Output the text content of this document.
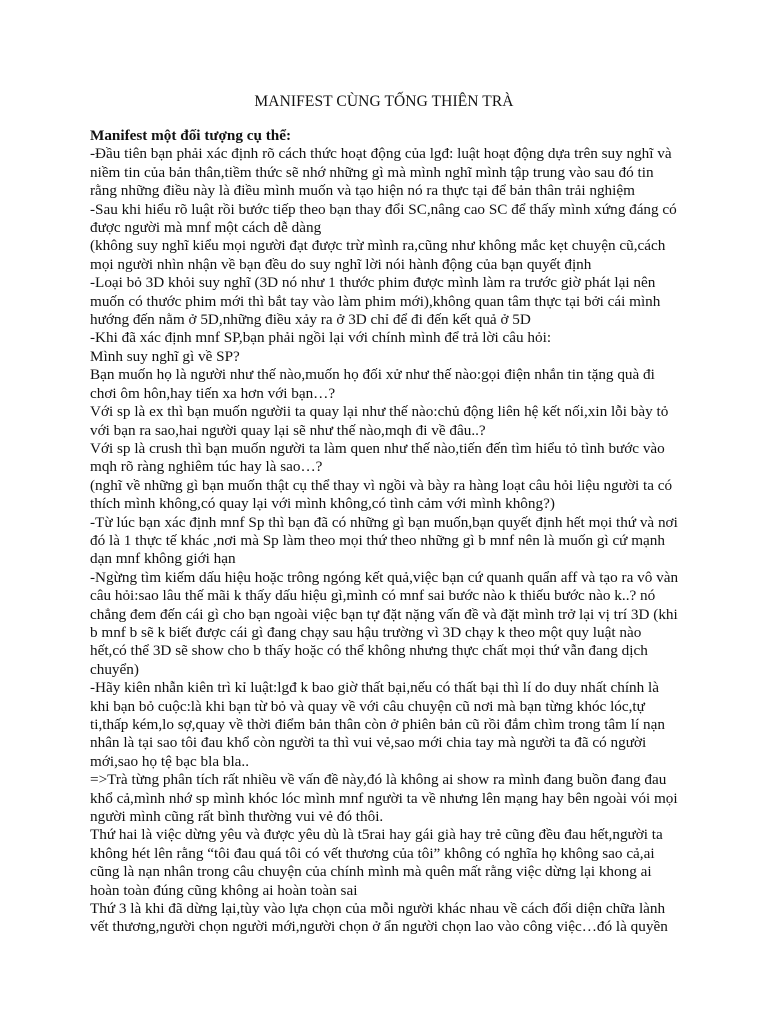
MANIFEST CÙNG TỐNG THIÊN TRÀ

Manifest một đối tượng cụ thể:

-Đầu tiên bạn phải xác định rõ cách thức hoạt động của lgđ: luật hoạt động dựa trên suy nghĩ và niềm tin của bản thân,tiềm thức sẽ nhớ những gì mà mình nghĩ mình tập trung vào sau đó tin rằng những điều này là điều mình muốn và tạo hiện nó ra thực tại để bản thân trải nghiệm

-Sau khi hiểu rõ luật rồi bước tiếp theo bạn thay đổi SC,nâng cao SC để thấy mình xứng đáng có được người mà mnf một cách dễ dàng

(không suy nghĩ kiểu mọi người đạt được trừ mình ra,cũng như không mắc kẹt chuyện cũ,cách mọi người nhìn nhận về bạn đều do suy nghĩ lời nói hành động của bạn quyết định

-Loại bỏ 3D khỏi suy nghĩ (3D nó như 1 thước phim được mình làm ra trước giờ phát lại nên muốn có thước phim mới thì bắt tay vào làm phim mới),không quan tâm thực tại bởi cái mình hướng đến nằm ở 5D,những điều xảy ra ở 3D chỉ để đi đến kết quả ở 5D

-Khi đã xác định mnf SP,bạn phải ngồi lại với chính mình để trả lời câu hỏi:

Mình suy nghĩ gì về SP?

Bạn muốn họ là người như thế nào,muốn họ đối xử như thế nào:gọi điện nhắn tin tặng quà đi chơi ôm hôn,hay tiến xa hơn với bạn…?

Với sp là ex thì bạn muốn ngườii ta quay lại như thế nào:chủ động liên hệ kết nối,xin lỗi bày tỏ với bạn ra sao,hai người quay lại sẽ như thế nào,mqh đi về đâu..?

Với sp là crush thì bạn muốn người ta làm quen như thế nào,tiến đến tìm hiểu tỏ tình bước vào mqh rõ ràng nghiêm túc hay là sao…?

(nghĩ về những gì bạn muốn thật cụ thể thay vì ngồi và bày ra hàng loạt câu hỏi liệu người ta có thích mình không,có quay lại với mình không,có tình cảm với mình không?)

-Từ lúc bạn xác định mnf Sp thì bạn đã có những gì bạn muốn,bạn quyết định hết mọi thứ và nơi đó là 1 thực tế khác ,nơi mà Sp làm theo mọi thứ theo những gì b mnf nên là muốn gì cứ mạnh dạn mnf không giới hạn

-Ngừng tìm kiếm dấu hiệu hoặc trông ngóng kết quả,việc bạn cứ quanh quẩn aff và tạo ra vô vàn câu hỏi:sao lâu thế mãi k thấy dấu hiệu gì,mình có mnf sai bước nào k thiếu bước nào k..? nó chẳng đem đến cái gì cho bạn ngoài việc bạn tự đặt nặng vấn đề và đặt mình trở lại vị trí 3D (khi b mnf b sẽ k biết được cái gì đang chạy sau hậu trường vì 3D chạy k theo một quy luật nào hết,có thể 3D sẽ show cho b thấy hoặc có thể không nhưng thực chất mọi thứ vẫn đang dịch chuyển)

-Hãy kiên nhẫn kiên trì kỉ luật:lgđ k bao giờ thất bại,nếu có thất bại thì lí do duy nhất chính là khi bạn bỏ cuộc:là khi bạn từ bỏ và quay về với câu chuyện cũ nơi mà bạn từng khóc lóc,tự ti,thấp kém,lo sợ,quay về thời điểm bản thân còn ở phiên bản cũ rồi đắm chìm trong tâm lí nạn nhân là tại sao tôi đau khổ còn người ta thì vui vẻ,sao mới chia tay mà người ta đã có người mới,sao họ tệ bạc bla bla..

=>Trà từng phân tích rất nhiều về vấn đề này,đó là không ai show ra mình đang buồn đang đau khổ cả,mình nhớ sp mình khóc lóc mình mnf người ta về nhưng lên mạng hay bên ngoài vói mọi người mình cũng rất bình thường vui vẻ đó thôi.

Thứ hai là việc dừng yêu và được yêu dù là t5rai hay gái già hay trẻ cũng đều đau hết,người ta không hét lên rằng “tôi đau quá tôi có vết thương của tôi” không có nghĩa họ không sao cả,ai cũng là nạn nhân trong câu chuyện của chính mình mà quên mất rằng việc dừng lại khong ai hoàn toàn đúng cũng không ai hoàn toàn sai

Thứ 3 là khi đã dừng lại,tùy vào lựa chọn của mỗi người khác nhau về cách đối diện chữa lành vết thương,người chọn người mới,người chọn ở ẩn người chọn lao vào công việc…đó là quyền
